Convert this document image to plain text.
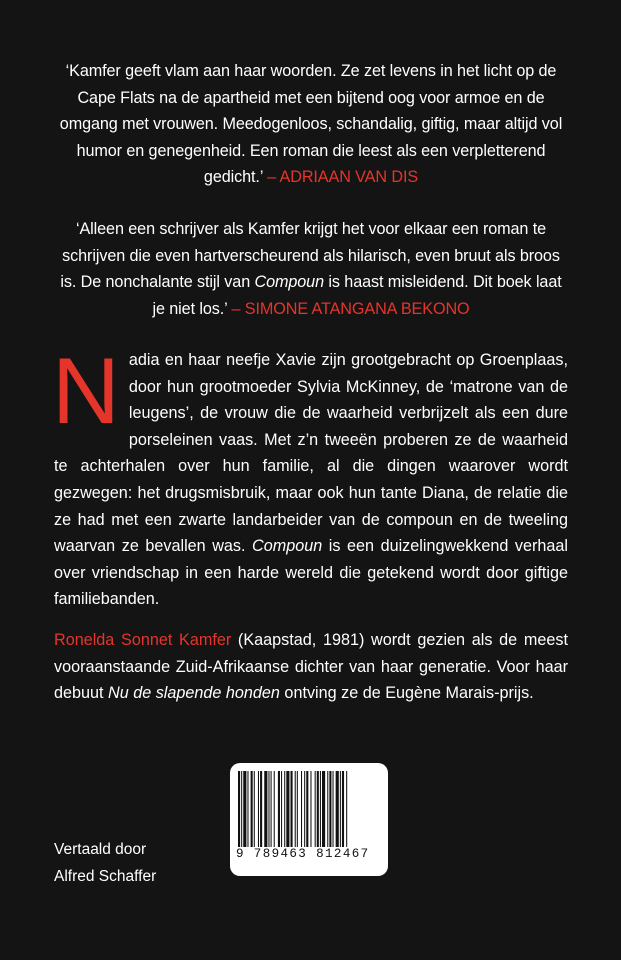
‘Kamfer geeft vlam aan haar woorden. Ze zet levens in het licht op de Cape Flats na de apartheid met een bijtend oog voor armoe en de omgang met vrouwen. Meedogenloos, schandalig, giftig, maar altijd vol humor en genegenheid. Een roman die leest als een verpletterend gedicht.’ – ADRIAAN VAN DIS

‘Alleen een schrijver als Kamfer krijgt het voor elkaar een roman te schrijven die even hartverscheurend als hilarisch, even bruut als broos is. De nonchalante stijl van Compoun is haast misleidend. Dit boek laat je niet los.’ – SIMONE ATANGANA BEKONO

Nadia en haar neefje Xavie zijn grootgebracht op Groenplaas, door hun grootmoeder Sylvia McKinney, de ‘matrone van de leugens’, de vrouw die de waarheid verbrijzelt als een dure porseleinen vaas. Met z’n tweeën proberen ze de waarheid te achterhalen over hun familie, al die dingen waarover wordt gezwegen: het drugsmisbruik, maar ook hun tante Diana, de relatie die ze had met een zwarte landarbeider van de compoun en de tweeling waarvan ze bevallen was. Compoun is een duizelingwekkend verhaal over vriendschap in een harde wereld die getekend wordt door giftige familiebanden.

Ronelda Sonnet Kamfer (Kaapstad, 1981) wordt gezien als de meest vooraanstaande Zuid-Afrikaanse dichter van haar generatie. Voor haar debuut Nu de slapende honden ontving ze de Eugène Marais-prijs.

9 789463 812467
Vertaald door
Alfred Schaffer
